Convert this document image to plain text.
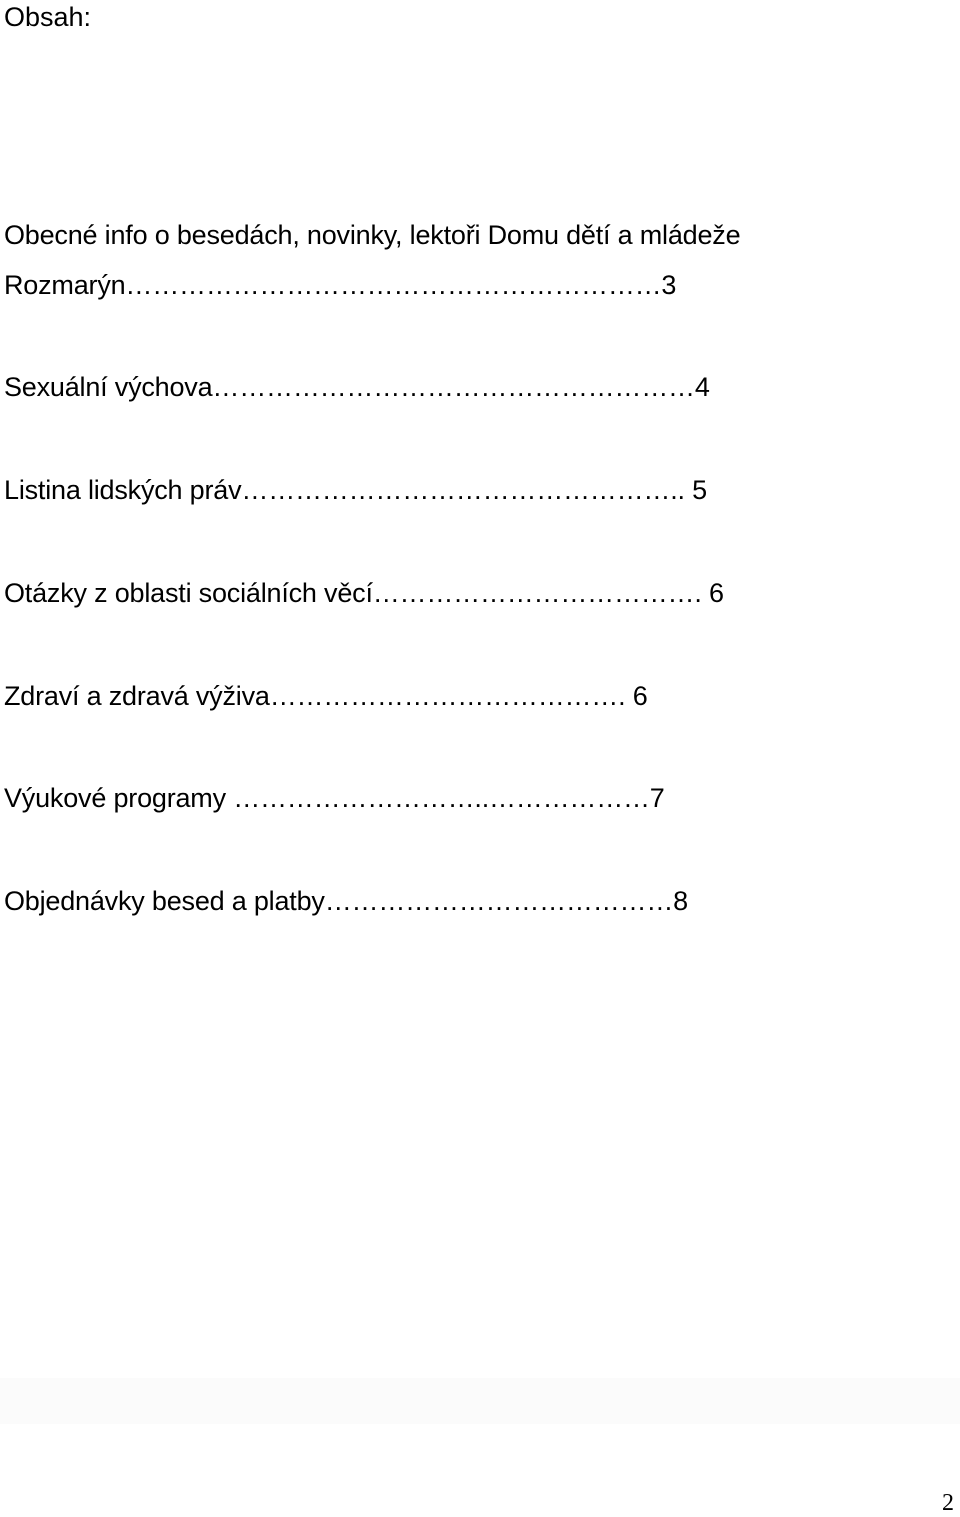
Obsah:
Obecné info o besedách, novinky, lektoři Domu dětí a mládeže
Rozmarýn……………………………………………………3
Sexuální výchova………………………………………………4
Listina lidských práv………………………………………….. 5
Otázky z oblasti sociálních věcí………………………………. 6
Zdraví a zdravá výživa…………………………………. 6
Výukové programy ………………………..………………7
Objednávky besed a platby…………………………………8
2
